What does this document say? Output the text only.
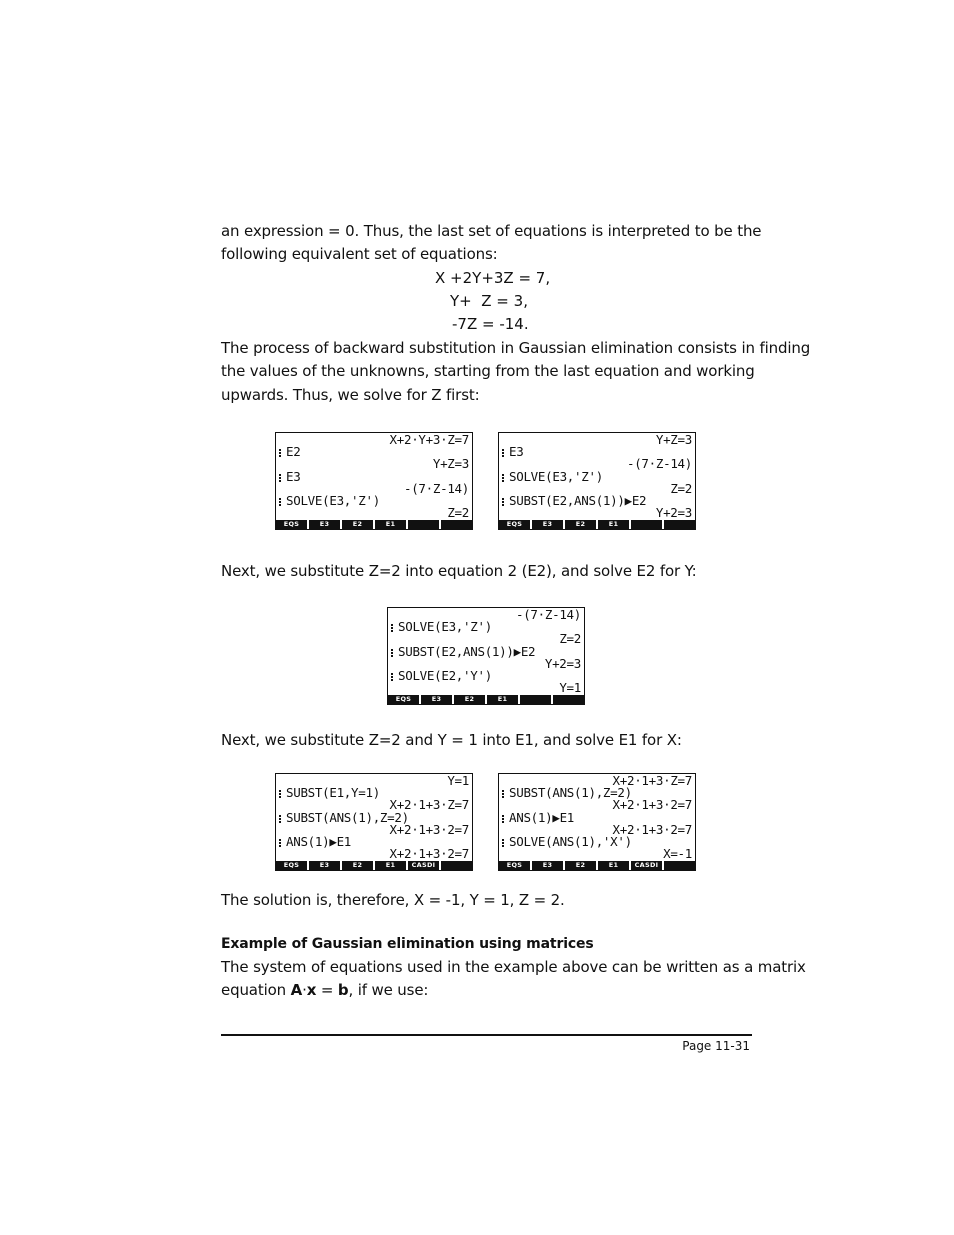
an expression = 0. Thus, the last set of equations is interpreted to be the
following equivalent set of equations:
X +2Y+3Z = 7,
Y+  Z = 3,
-7Z = -14.
The process of backward substitution in Gaussian elimination consists in finding
the values of the unknowns, starting from the last equation and working
upwards. Thus, we solve for Z first:
X+2·Y+3·Z=7
E2
Y+Z=3
E3
-(7·Z-14)
SOLVE(E3,'Z')
Z=2
EQS	E3	E2	E1
Y+Z=3
E3
-(7·Z-14)
SOLVE(E3,'Z')
Z=2
SUBST(E2,ANS(1))▶E2
Y+2=3
EQS	E3	E2	E1
Next, we substitute Z=2 into equation 2 (E2), and solve E2 for Y:
-(7·Z-14)
SOLVE(E3,'Z')
Z=2
SUBST(E2,ANS(1))▶E2
Y+2=3
SOLVE(E2,'Y')
Y=1
EQS	E3	E2	E1
Next, we substitute Z=2 and Y = 1 into E1, and solve E1 for X:
Y=1
SUBST(E1,Y=1)
X+2·1+3·Z=7
SUBST(ANS(1),Z=2)
X+2·1+3·2=7
ANS(1)▶E1
X+2·1+3·2=7
EQS	E3	E2	E1	CASDI
X+2·1+3·Z=7
SUBST(ANS(1),Z=2)
X+2·1+3·2=7
ANS(1)▶E1
X+2·1+3·2=7
SOLVE(ANS(1),'X')
X=-1
EQS	E3	E2	E1	CASDI
The solution is, therefore, X = -1, Y = 1, Z = 2.
Example of Gaussian elimination using matrices
The system of equations used in the example above can be written as a matrix
equation A·x = b, if we use:
Page 11-31
